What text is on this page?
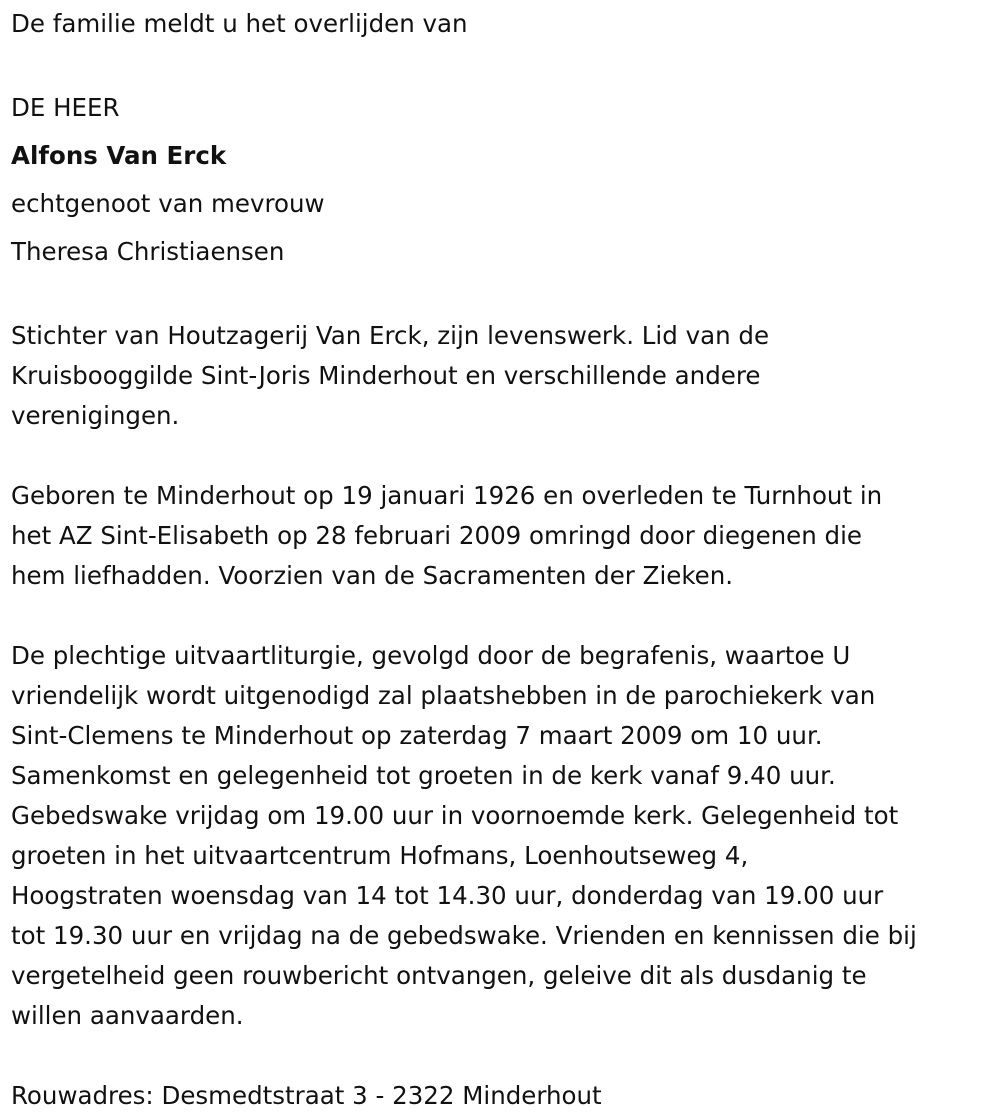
De familie meldt u het overlijden van

DE HEER

Alfons Van Erck

echtgenoot van mevrouw

Theresa Christiaensen

Stichter van Houtzagerij Van Erck, zijn levenswerk. Lid van de

Kruisbooggilde Sint-Joris Minderhout en verschillende andere

verenigingen.

Geboren te Minderhout op 19 januari 1926 en overleden te Turnhout in

het AZ Sint-Elisabeth op 28 februari 2009 omringd door diegenen die

hem liefhadden. Voorzien van de Sacramenten der Zieken.

De plechtige uitvaartliturgie, gevolgd door de begrafenis, waartoe U

vriendelijk wordt uitgenodigd zal plaatshebben in de parochiekerk van

Sint-Clemens te Minderhout op zaterdag 7 maart 2009 om 10 uur.

Samenkomst en gelegenheid tot groeten in de kerk vanaf 9.40 uur.

Gebedswake vrijdag om 19.00 uur in voornoemde kerk. Gelegenheid tot

groeten in het uitvaartcentrum Hofmans, Loenhoutseweg 4,

Hoogstraten woensdag van 14 tot 14.30 uur, donderdag van 19.00 uur

tot 19.30 uur en vrijdag na de gebedswake. Vrienden en kennissen die bij

vergetelheid geen rouwbericht ontvangen, geleive dit als dusdanig te

willen aanvaarden.

Rouwadres: Desmedtstraat 3 - 2322 Minderhout
